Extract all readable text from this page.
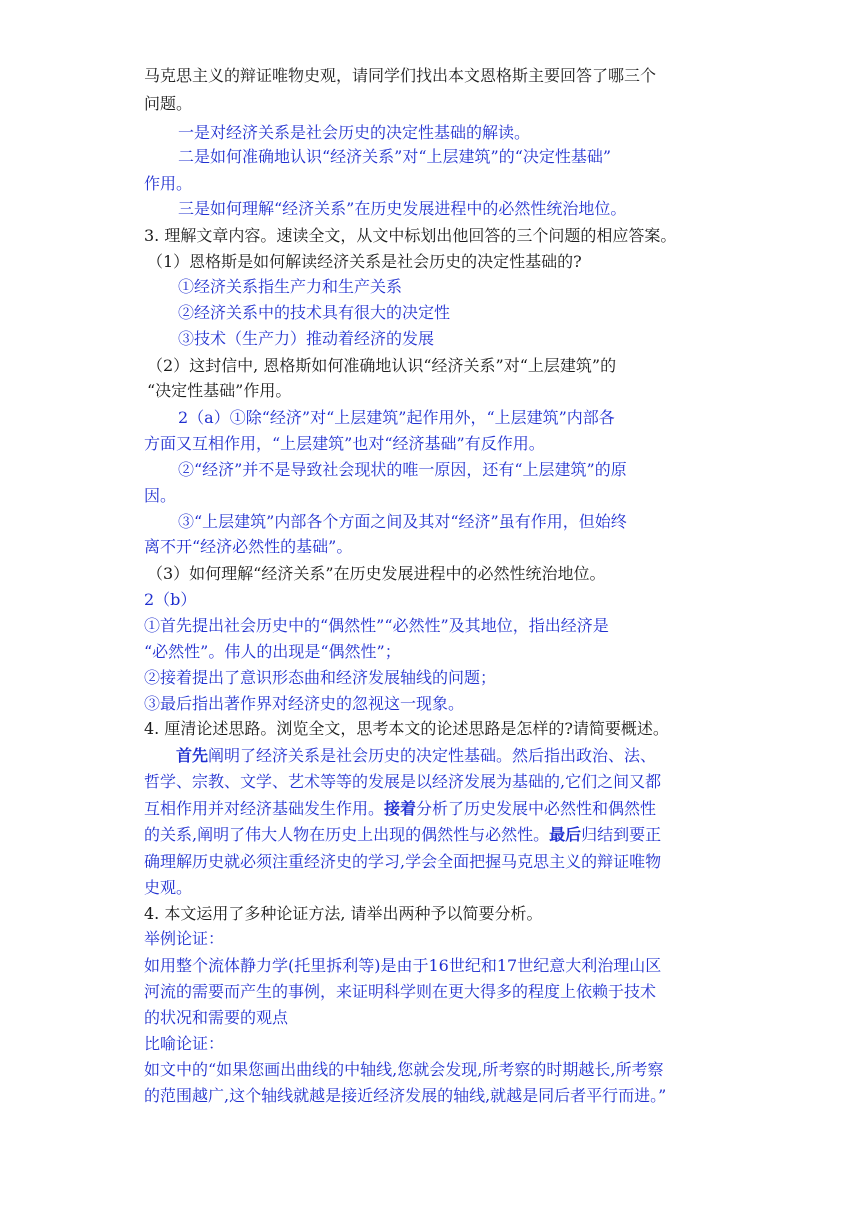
马克思主义的辩证唯物史观，请同学们找出本文恩格斯主要回答了哪三个
问题。
一是对经济关系是社会历史的决定性基础的解读。
二是如何准确地认识“经济关系”对“上层建筑”的“决定性基础”
作用。
三是如何理解“经济关系”在历史发展进程中的必然性统治地位。
3. 理解文章内容。速读全文，从文中标划出他回答的三个问题的相应答案。
（1）恩格斯是如何解读经济关系是社会历史的决定性基础的?
①经济关系指生产力和生产关系
②经济关系中的技术具有很大的决定性
③技术（生产力）推动着经济的发展
（2）这封信中, 恩格斯如何准确地认识“经济关系”对“上层建筑”的
“决定性基础”作用。
2（a）①除“经济”对“上层建筑”起作用外，“上层建筑”内部各
方面又互相作用，“上层建筑”也对“经济基础”有反作用。
②“经济”并不是导致社会现状的唯一原因，还有“上层建筑”的原
因。
③“上层建筑”内部各个方面之间及其对“经济”虽有作用，但始终
离不开“经济必然性的基础”。
（3）如何理解“经济关系”在历史发展进程中的必然性统治地位。
2（b）
①首先提出社会历史中的“偶然性”“必然性”及其地位，指出经济是
“必然性”。伟人的出现是“偶然性”；
②接着提出了意识形态曲和经济发展轴线的问题；
③最后指出著作界对经济史的忽视这一现象。
4. 厘清论述思路。浏览全文，思考本文的论述思路是怎样的?请简要概述。
首先阐明了经济关系是社会历史的决定性基础。然后指出政治、法、
哲学、宗教、文学、艺术等等的发展是以经济发展为基础的,它们之间又都
互相作用并对经济基础发生作用。接着分析了历史发展中必然性和偶然性
的关系,阐明了伟大人物在历史上出现的偶然性与必然性。最后归结到要正
确理解历史就必须注重经济史的学习,学会全面把握马克思主义的辩证唯物
史观。
4. 本文运用了多种论证方法, 请举出两种予以简要分析。
举例论证：
如用整个流体静力学(托里拆利等)是由于16世纪和17世纪意大利治理山区
河流的需要而产生的事例，来证明科学则在更大得多的程度上依赖于技术
的状况和需要的观点
比喻论证：
如文中的“如果您画出曲线的中轴线,您就会发现,所考察的时期越长,所考察
的范围越广,这个轴线就越是接近经济发展的轴线,就越是同后者平行而进。”
